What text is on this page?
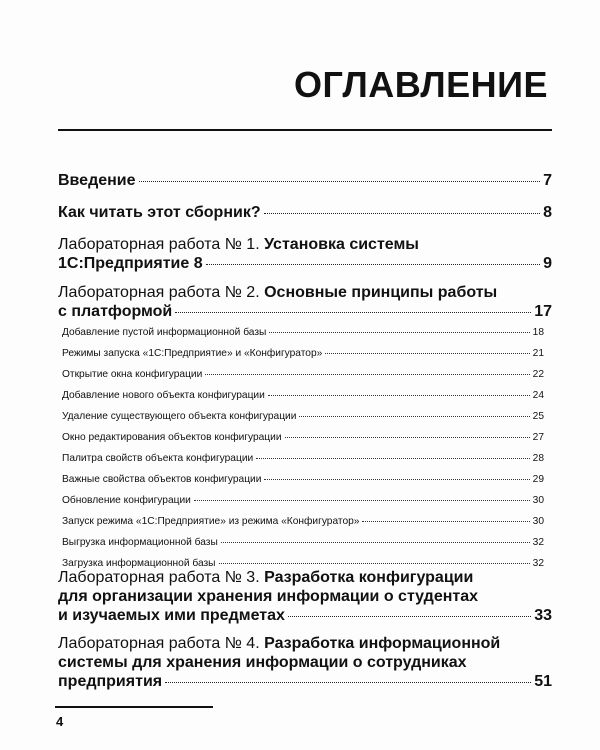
ОГЛАВЛЕНИЕ
Введение	7
Как читать этот сборник?	8
Лабораторная работа № 1.
Установка системы
1С:Предприятие 8	9
Лабораторная работа № 2.
Основные принципы работы
с платформой	17
Добавление пустой информационной базы	18
Режимы запуска «1С:Предприятие» и «Конфигуратор»	21
Открытие окна конфигурации	22
Добавление нового объекта конфигурации	24
Удаление существующего объекта конфигурации	25
Окно редактирования объектов конфигурации	27
Палитра свойств объекта конфигурации	28
Важные свойства объектов конфигурации	29
Обновление конфигурации	30
Запуск режима «1С:Предприятие» из режима «Конфигуратор»	30
Выгрузка информационной базы	32
Загрузка информационной базы	32
Лабораторная работа № 3.
Разработка конфигурации
для организации хранения информации о студентах
и изучаемых ими предметах	33
Лабораторная работа № 4.
Разработка информационной
системы для хранения информации о сотрудниках
предприятия	51
4
